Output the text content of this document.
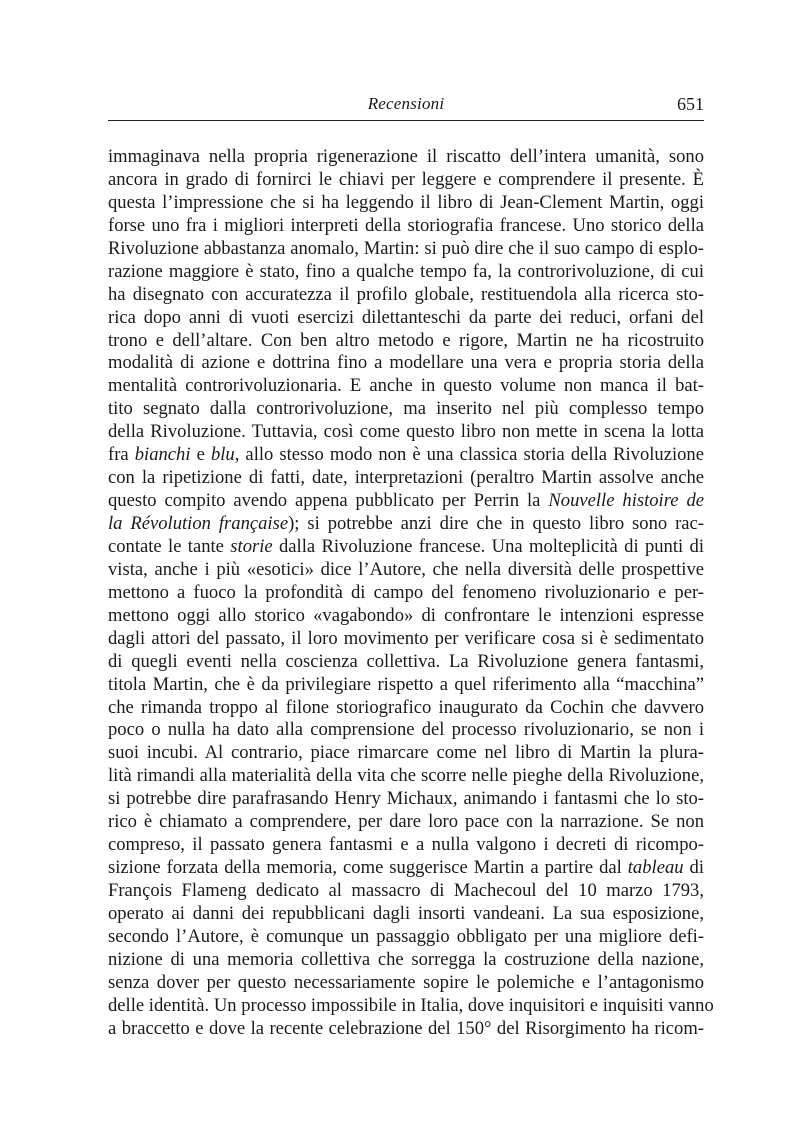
Recensioni	651
immaginava nella propria rigenerazione il riscatto dell’intera umanità, sono
ancora in grado di fornirci le chiavi per leggere e comprendere il presente. È
questa l’impressione che si ha leggendo il libro di Jean-Clement Martin, oggi
forse uno fra i migliori interpreti della storiografia francese. Uno storico della
Rivoluzione abbastanza anomalo, Martin: si può dire che il suo campo di esplo-
razione maggiore è stato, fino a qualche tempo fa, la controrivoluzione, di cui
ha disegnato con accuratezza il profilo globale, restituendola alla ricerca sto-
rica dopo anni di vuoti esercizi dilettanteschi da parte dei reduci, orfani del
trono e dell’altare. Con ben altro metodo e rigore, Martin ne ha ricostruito
modalità di azione e dottrina fino a modellare una vera e propria storia della
mentalità controrivoluzionaria. E anche in questo volume non manca il bat-
tito segnato dalla controrivoluzione, ma inserito nel più complesso tempo
della Rivoluzione. Tuttavia, così come questo libro non mette in scena la lotta
fra bianchi e blu, allo stesso modo non è una classica storia della Rivoluzione
con la ripetizione di fatti, date, interpretazioni (peraltro Martin assolve anche
questo compito avendo appena pubblicato per Perrin la Nouvelle histoire de
la Révolution française); si potrebbe anzi dire che in questo libro sono rac-
contate le tante storie dalla Rivoluzione francese. Una molteplicità di punti di
vista, anche i più «esotici» dice l’Autore, che nella diversità delle prospettive
mettono a fuoco la profondità di campo del fenomeno rivoluzionario e per-
mettono oggi allo storico «vagabondo» di confrontare le intenzioni espresse
dagli attori del passato, il loro movimento per verificare cosa si è sedimentato
di quegli eventi nella coscienza collettiva. La Rivoluzione genera fantasmi,
titola Martin, che è da privilegiare rispetto a quel riferimento alla “macchina”
che rimanda troppo al filone storiografico inaugurato da Cochin che davvero
poco o nulla ha dato alla comprensione del processo rivoluzionario, se non i
suoi incubi. Al contrario, piace rimarcare come nel libro di Martin la plura-
lità rimandi alla materialità della vita che scorre nelle pieghe della Rivoluzione,
si potrebbe dire parafrasando Henry Michaux, animando i fantasmi che lo sto-
rico è chiamato a comprendere, per dare loro pace con la narrazione. Se non
compreso, il passato genera fantasmi e a nulla valgono i decreti di ricompo-
sizione forzata della memoria, come suggerisce Martin a partire dal tableau di
François Flameng dedicato al massacro di Machecoul del 10 marzo 1793,
operato ai danni dei repubblicani dagli insorti vandeani. La sua esposizione,
secondo l’Autore, è comunque un passaggio obbligato per una migliore defi-
nizione di una memoria collettiva che sorregga la costruzione della nazione,
senza dover per questo necessariamente sopire le polemiche e l’antagonismo
delle identità. Un processo impossibile in Italia, dove inquisitori e inquisiti vanno
a braccetto e dove la recente celebrazione del 150° del Risorgimento ha ricom-
